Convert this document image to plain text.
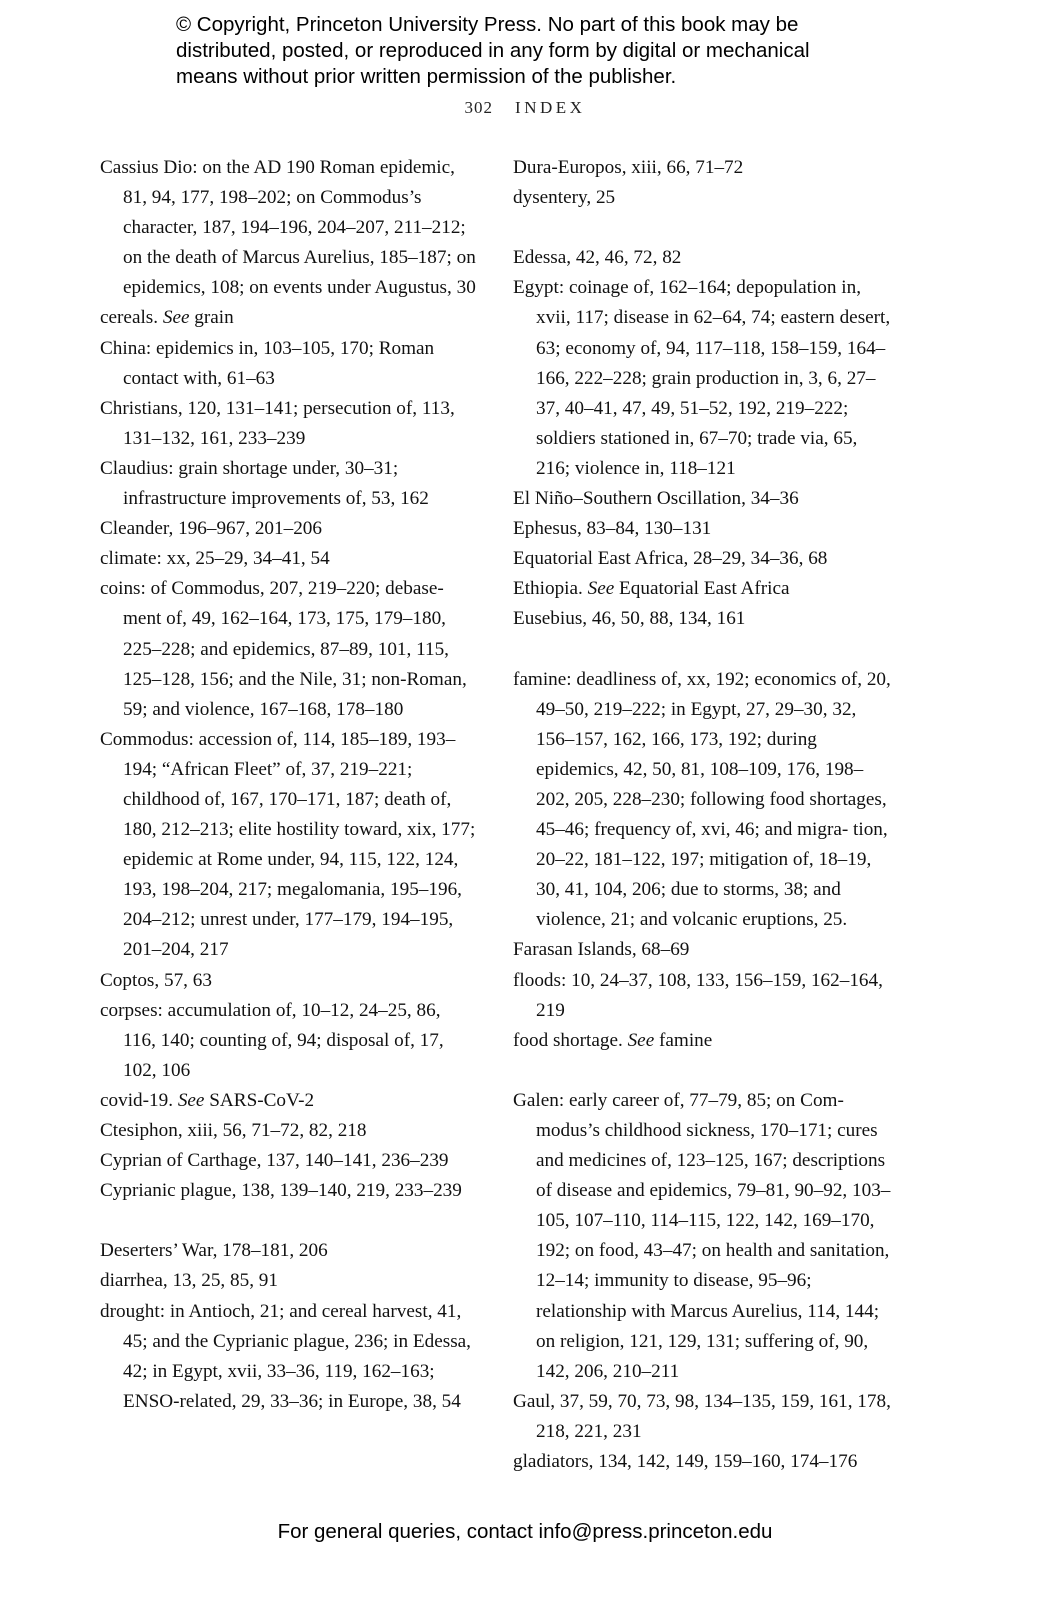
© Copyright, Princeton University Press. No part of this book may be
distributed, posted, or reproduced in any form by digital or mechanical
means without prior written permission of the publisher.
302 INDEX

Cassius Dio: on the AD 190 Roman epidemic, 81, 94, 177, 198–202; on Commodus’s character, 187, 194–196, 204–207, 211–212; on the death of Marcus Aurelius, 185–187; on epidemics, 108; on events under Augustus, 30

cereals. See grain

China: epidemics in, 103–105, 170; Roman contact with, 61–63

Christians, 120, 131–141; persecution of, 113, 131–132, 161, 233–239

Claudius: grain shortage under, 30–31; infrastructure improvements of, 53, 162

Cleander, 196–967, 201–206

climate: xx, 25–29, 34–41, 54

coins: of Commodus, 207, 219–220; debase- ment of, 49, 162–164, 173, 175, 179–180, 225–228; and epidemics, 87–89, 101, 115, 125–128, 156; and the Nile, 31; non-Roman, 59; and violence, 167–168, 178–180

Commodus: accession of, 114, 185–189, 193–194; “African Fleet” of, 37, 219–221; childhood of, 167, 170–171, 187; death of, 180, 212–213; elite hostility toward, xix, 177; epidemic at Rome under, 94, 115, 122, 124, 193, 198–204, 217; megalomania, 195–196, 204–212; unrest under, 177–179, 194–195, 201–204, 217

Coptos, 57, 63

corpses: accumulation of, 10–12, 24–25, 86, 116, 140; counting of, 94; disposal of, 17, 102, 106

covid-19. See SARS-CoV-2

Ctesiphon, xiii, 56, 71–72, 82, 218

Cyprian of Carthage, 137, 140–141, 236–239

Cyprianic plague, 138, 139–140, 219, 233–239

Deserters’ War, 178–181, 206

diarrhea, 13, 25, 85, 91

drought: in Antioch, 21; and cereal harvest, 41, 45; and the Cyprianic plague, 236; in Edessa, 42; in Egypt, xvii, 33–36, 119, 162–163; ENSO-related, 29, 33–36; in Europe, 38, 54

Dura-Europos, xiii, 66, 71–72

dysentery, 25

Edessa, 42, 46, 72, 82

Egypt: coinage of, 162–164; depopulation in, xvii, 117; disease in 62–64, 74; eastern desert, 63; economy of, 94, 117–118, 158–159, 164–166, 222–228; grain production in, 3, 6, 27–37, 40–41, 47, 49, 51–52, 192, 219–222; soldiers stationed in, 67–70; trade via, 65, 216; violence in, 118–121

El Niño–Southern Oscillation, 34–36

Ephesus, 83–84, 130–131

Equatorial East Africa, 28–29, 34–36, 68

Ethiopia. See Equatorial East Africa

Eusebius, 46, 50, 88, 134, 161

famine: deadliness of, xx, 192; economics of, 20, 49–50, 219–222; in Egypt, 27, 29–30, 32, 156–157, 162, 166, 173, 192; during epidemics, 42, 50, 81, 108–109, 176, 198–202, 205, 228–230; following food shortages, 45–46; frequency of, xvi, 46; and migra- tion, 20–22, 181–122, 197; mitigation of, 18–19, 30, 41, 104, 206; due to storms, 38; and violence, 21; and volcanic eruptions, 25.

Farasan Islands, 68–69

floods: 10, 24–37, 108, 133, 156–159, 162–164, 219

food shortage. See famine

Galen: early career of, 77–79, 85; on Com- modus’s childhood sickness, 170–171; cures and medicines of, 123–125, 167; descriptions of disease and epidemics, 79–81, 90–92, 103–105, 107–110, 114–115, 122, 142, 169–170, 192; on food, 43–47; on health and sanitation, 12–14; immunity to disease, 95–96; relationship with Marcus Aurelius, 114, 144; on religion, 121, 129, 131; suffering of, 90, 142, 206, 210–211

Gaul, 37, 59, 70, 73, 98, 134–135, 159, 161, 178, 218, 221, 231

gladiators, 134, 142, 149, 159–160, 174–176

For general queries, contact info@press.princeton.edu
